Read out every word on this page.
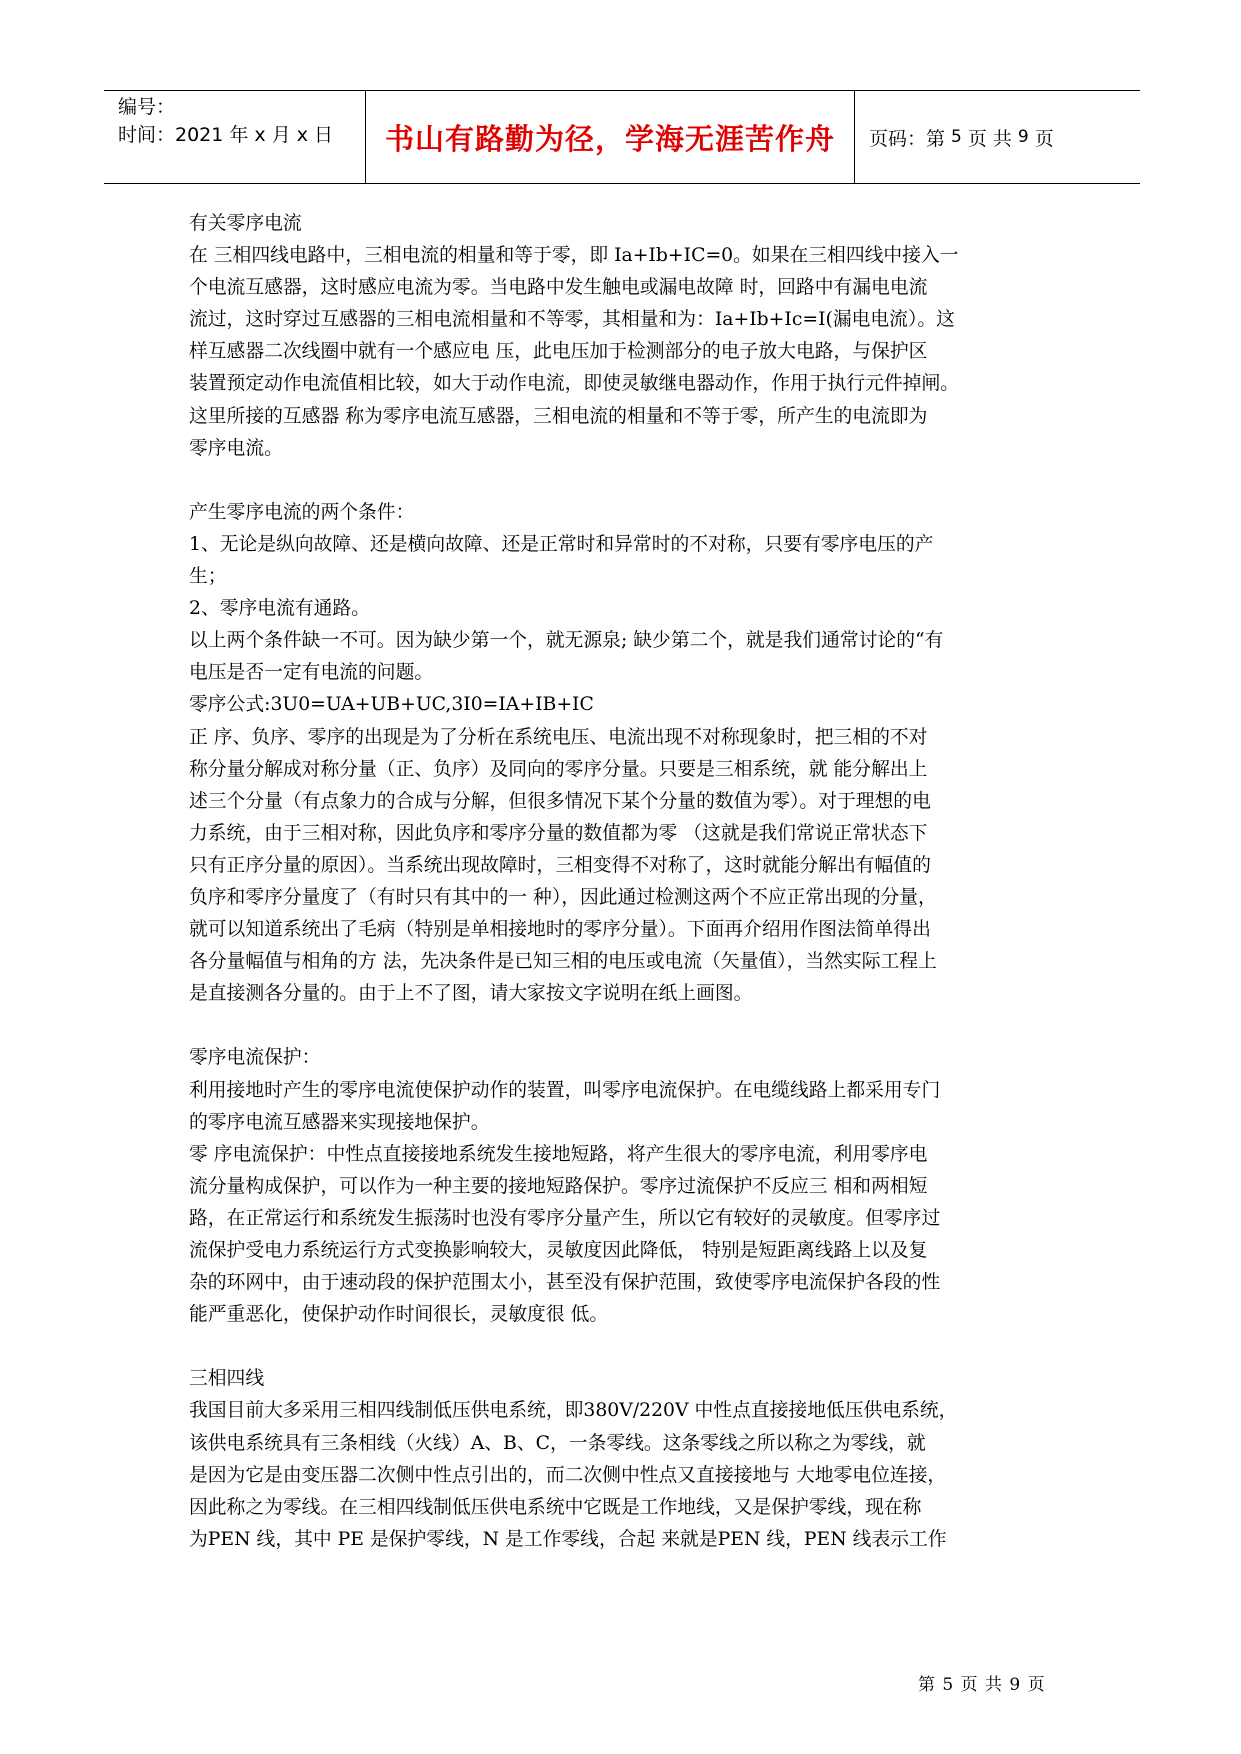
编号：
时间：2021 年 x 月 x 日	书山有路勤为径，学海无涯苦作舟	页码：第 5 页 共 9 页

有关零序电流

在 三相四线电路中，三相电流的相量和等于零，即 Ia+Ib+IC=0。如果在三相四线中接入一

个电流互感器，这时感应电流为零。当电路中发生触电或漏电故障 时，回路中有漏电电流

流过，这时穿过互感器的三相电流相量和不等零，其相量和为：Ia+Ib+Ic=I(漏电电流）。这

样互感器二次线圈中就有一个感应电 压，此电压加于检测部分的电子放大电路，与保护区

装置预定动作电流值相比较，如大于动作电流，即使灵敏继电器动作，作用于执行元件掉闸。

这里所接的互感器 称为零序电流互感器，三相电流的相量和不等于零，所产生的电流即为

零序电流。

产生零序电流的两个条件：

1、无论是纵向故障、还是横向故障、还是正常时和异常时的不对称，只要有零序电压的产

生；

2、零序电流有通路。

以上两个条件缺一不可。因为缺少第一个，就无源泉; 缺少第二个，就是我们通常讨论的“有

电压是否一定有电流的问题。

零序公式:3U0=UA+UB+UC,3I0=IA+IB+IC

正 序、负序、零序的出现是为了分析在系统电压、电流出现不对称现象时，把三相的不对

称分量分解成对称分量（正、负序）及同向的零序分量。只要是三相系统，就 能分解出上

述三个分量（有点象力的合成与分解，但很多情况下某个分量的数值为零）。对于理想的电

力系统，由于三相对称，因此负序和零序分量的数值都为零 （这就是我们常说正常状态下

只有正序分量的原因）。当系统出现故障时，三相变得不对称了，这时就能分解出有幅值的

负序和零序分量度了（有时只有其中的一 种），因此通过检测这两个不应正常出现的分量，

就可以知道系统出了毛病（特别是单相接地时的零序分量）。下面再介绍用作图法简单得出

各分量幅值与相角的方 法，先决条件是已知三相的电压或电流（矢量值），当然实际工程上

是直接测各分量的。由于上不了图，请大家按文字说明在纸上画图。

零序电流保护：

利用接地时产生的零序电流使保护动作的装置，叫零序电流保护。在电缆线路上都采用专门

的零序电流互感器来实现接地保护。

零 序电流保护：中性点直接接地系统发生接地短路，将产生很大的零序电流，利用零序电

流分量构成保护，可以作为一种主要的接地短路保护。零序过流保护不反应三 相和两相短

路，在正常运行和系统发生振荡时也没有零序分量产生，所以它有较好的灵敏度。但零序过

流保护受电力系统运行方式变换影响较大，灵敏度因此降低， 特别是短距离线路上以及复

杂的环网中，由于速动段的保护范围太小，甚至没有保护范围，致使零序电流保护各段的性

能严重恶化，使保护动作时间很长，灵敏度很 低。

三相四线

我国目前大多采用三相四线制低压供电系统，即380V/220V 中性点直接接地低压供电系统，

该供电系统具有三条相线（火线）A、B、C，一条零线。这条零线之所以称之为零线，就

是因为它是由变压器二次侧中性点引出的，而二次侧中性点又直接接地与 大地零电位连接，

因此称之为零线。在三相四线制低压供电系统中它既是工作地线，又是保护零线，现在称

为PEN 线，其中 PE 是保护零线，N 是工作零线，合起 来就是PEN 线，PEN 线表示工作

第 5 页 共 9 页
